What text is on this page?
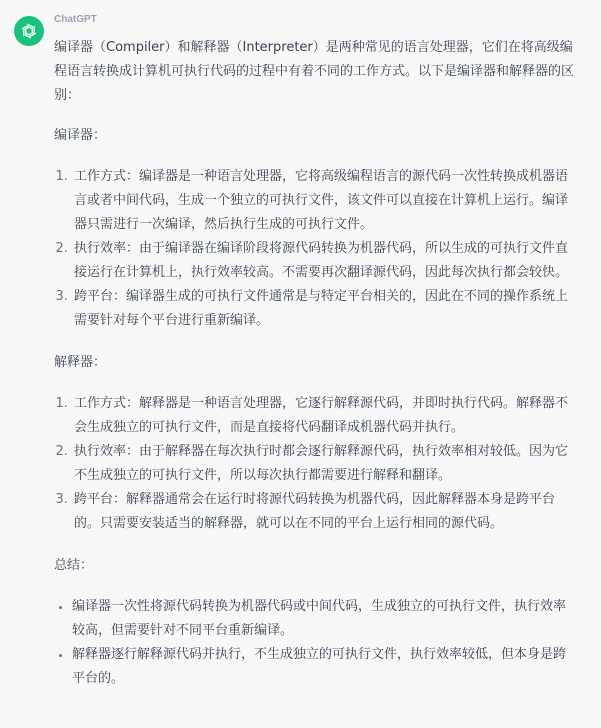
ChatGPT

编译器（Compiler）和解释器（Interpreter）是两种常见的语言处理器，它们在将高级编程语言转换成计算机可执行代码的过程中有着不同的工作方式。以下是编译器和解释器的区别：

编译器：

1. 工作方式：编译器是一种语言处理器，它将高级编程语言的源代码一次性转换成机器语言或者中间代码，生成一个独立的可执行文件，该文件可以直接在计算机上运行。编译器只需进行一次编译，然后执行生成的可执行文件。
2. 执行效率：由于编译器在编译阶段将源代码转换为机器代码，所以生成的可执行文件直接运行在计算机上，执行效率较高。不需要再次翻译源代码，因此每次执行都会较快。
3. 跨平台：编译器生成的可执行文件通常是与特定平台相关的，因此在不同的操作系统上需要针对每个平台进行重新编译。

解释器：

1. 工作方式：解释器是一种语言处理器，它逐行解释源代码，并即时执行代码。解释器不会生成独立的可执行文件，而是直接将代码翻译成机器代码并执行。
2. 执行效率：由于解释器在每次执行时都会逐行解释源代码，执行效率相对较低。因为它不生成独立的可执行文件，所以每次执行都需要进行解释和翻译。
3. 跨平台：解释器通常会在运行时将源代码转换为机器代码，因此解释器本身是跨平台的。只需要安装适当的解释器，就可以在不同的平台上运行相同的源代码。

总结：

• 编译器一次性将源代码转换为机器代码或中间代码，生成独立的可执行文件，执行效率较高，但需要针对不同平台重新编译。
• 解释器逐行解释源代码并执行，不生成独立的可执行文件，执行效率较低，但本身是跨平台的。
